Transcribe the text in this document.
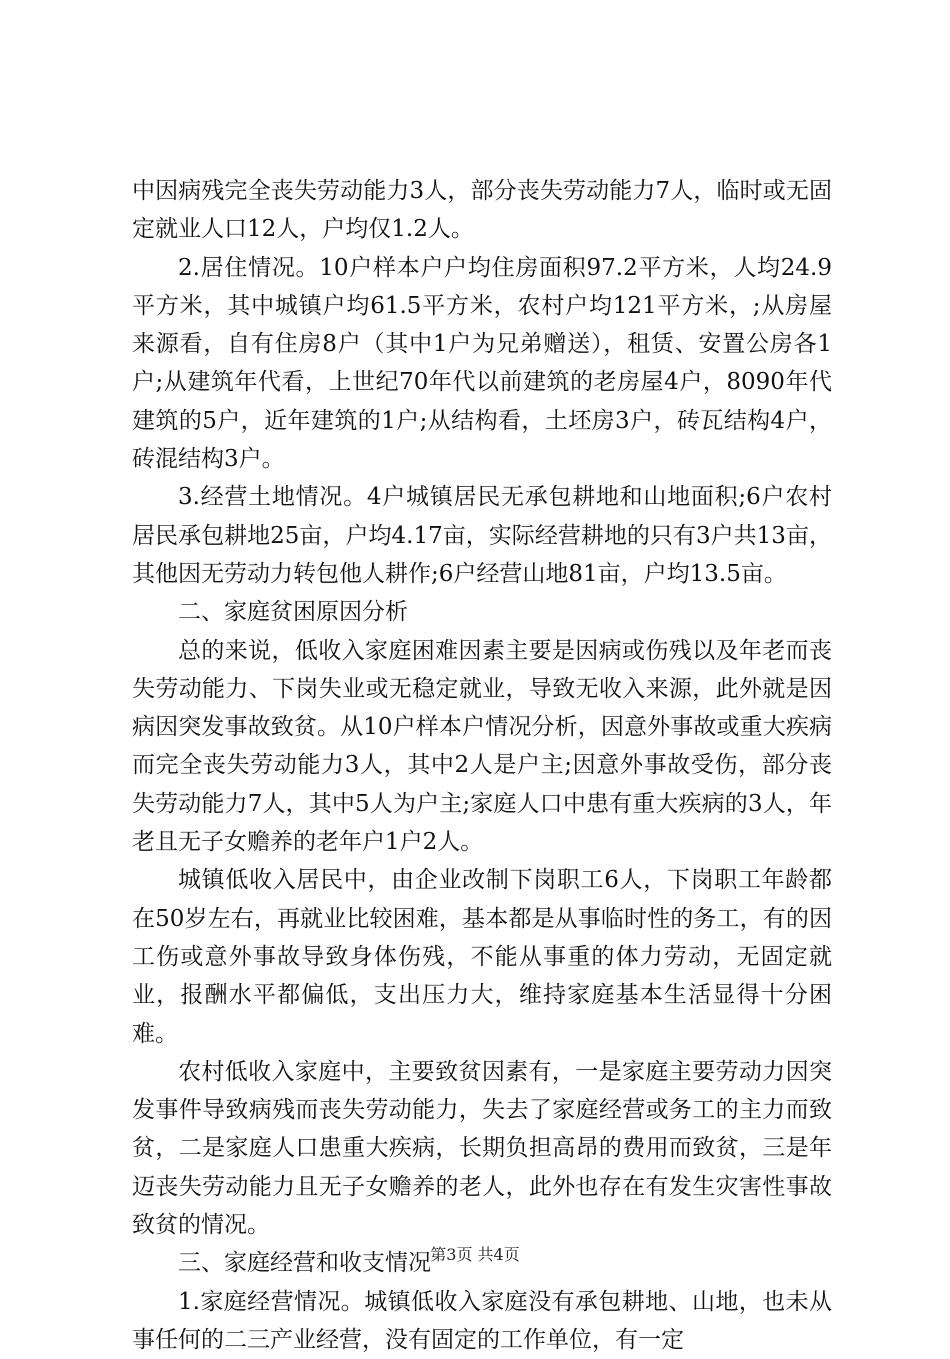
中因病残完全丧失劳动能力3人，部分丧失劳动能力7人，临时或无固定就业人口12人，户均仅1.2人。

2.居住情况。10户样本户户均住房面积97.2平方米，人均24.9平方米，其中城镇户均61.5平方米，农村户均121平方米，;从房屋来源看，自有住房8户（其中1户为兄弟赠送），租赁、安置公房各1户;从建筑年代看，上世纪70年代以前建筑的老房屋4户，8090年代建筑的5户，近年建筑的1户;从结构看，土坯房3户，砖瓦结构4户，砖混结构3户。

3.经营土地情况。4户城镇居民无承包耕地和山地面积;6户农村居民承包耕地25亩，户均4.17亩，实际经营耕地的只有3户共13亩，其他因无劳动力转包他人耕作;6户经营山地81亩，户均13.5亩。

二、家庭贫困原因分析

总的来说，低收入家庭困难因素主要是因病或伤残以及年老而丧失劳动能力、下岗失业或无稳定就业，导致无收入来源，此外就是因病因突发事故致贫。从10户样本户情况分析，因意外事故或重大疾病而完全丧失劳动能力3人，其中2人是户主;因意外事故受伤，部分丧失劳动能力7人，其中5人为户主;家庭人口中患有重大疾病的3人，年老且无子女赡养的老年户1户2人。

城镇低收入居民中，由企业改制下岗职工6人，下岗职工年龄都在50岁左右，再就业比较困难，基本都是从事临时性的务工，有的因工伤或意外事故导致身体伤残，不能从事重的体力劳动，无固定就业，报酬水平都偏低，支出压力大，维持家庭基本生活显得十分困难。

农村低收入家庭中，主要致贫因素有，一是家庭主要劳动力因突发事件导致病残而丧失劳动能力，失去了家庭经营或务工的主力而致贫，二是家庭人口患重大疾病，长期负担高昂的费用而致贫，三是年迈丧失劳动能力且无子女赡养的老人，此外也存在有发生灾害性事故致贫的情况。

三、家庭经营和收支情况

1.家庭经营情况。城镇低收入家庭没有承包耕地、山地，也未从事任何的二三产业经营，没有固定的工作单位，有一定

第3页 共4页
